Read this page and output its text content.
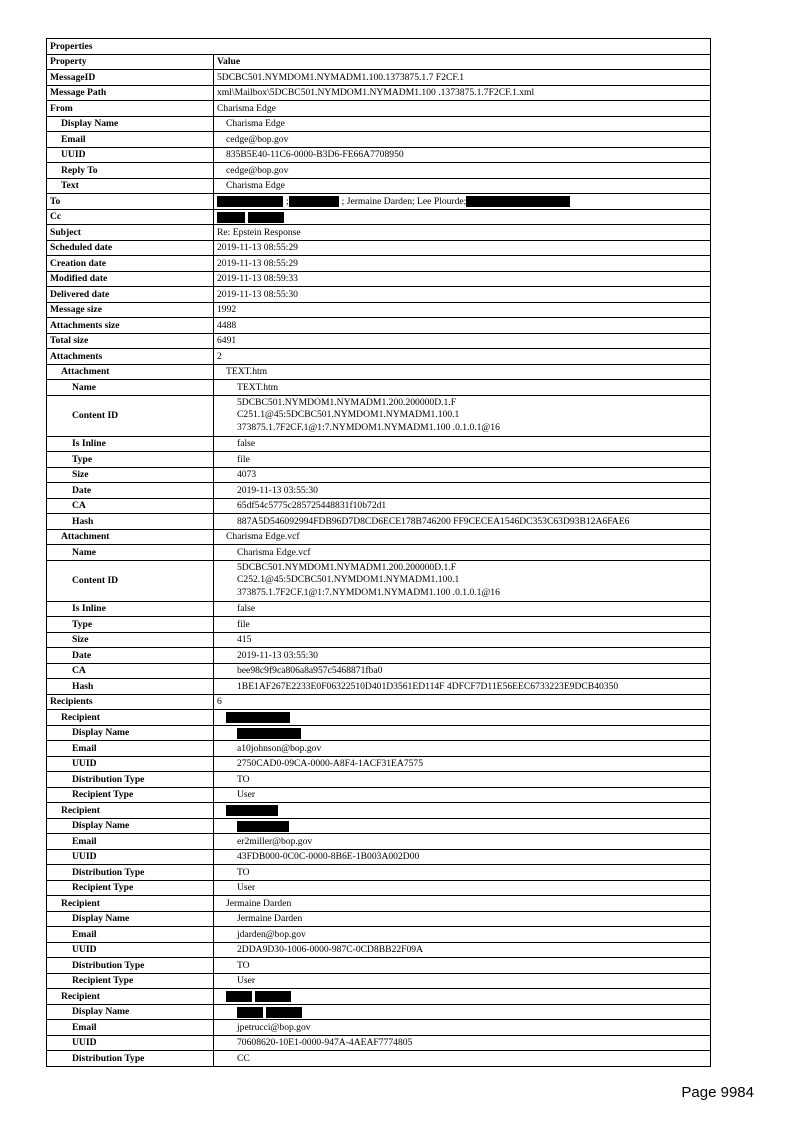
Properties	
Property	Value
MessageID	5DCBC501.NYMDOM1.NYMADM1.100.1373875.1.7 F2CF.1
Message Path	xml\Mailbox\5DCBC501.NYMDOM1.NYMADM1.100 .1373875.1.7F2CF.1.xml
From	Charisma Edge
Display Name	Charisma Edge
Email	cedge@bop.gov
UUID	835B5E40-11C6-0000-B3D6-FE66A7708950
Reply To	cedge@bop.gov
Text	Charisma Edge
To	; ; Jermaine Darden; Lee Plourde;
Cc	
Subject	Re: Epstein Response
Scheduled date	2019-11-13 08:55:29
Creation date	2019-11-13 08:55:29
Modified date	2019-11-13 08:59:33
Delivered date	2019-11-13 08:55:30
Message size	1992
Attachments size	4488
Total size	6491
Attachments	2
Attachment	TEXT.htm
Name	TEXT.htm
Content ID	5DCBC501.NYMDOM1.NYMADM1.200.200000D.1.F
C251.1@45:5DCBC501.NYMDOM1.NYMADM1.100.1
373875.1.7F2CF.1@1:7.NYMDOM1.NYMADM1.100 .0.1.0.1@16

Is Inline	false
Type	file
Size	4073
Date	2019-11-13 03:55:30
CA	65df54c5775c285725448831f10b72d1
Hash	887A5D546092994FDB96D7D8CD6ECE178B746200 FF9CECEA1546DC353C63D93B12A6FAE6
Attachment	Charisma Edge.vcf
Name	Charisma Edge.vcf
Content ID	5DCBC501.NYMDOM1.NYMADM1.200.200000D.1.F
C252.1@45:5DCBC501.NYMDOM1.NYMADM1.100.1
373875.1.7F2CF.1@1:7.NYMDOM1.NYMADM1.100 .0.1.0.1@16

Is Inline	false
Type	file
Size	415
Date	2019-11-13 03:55:30
CA	bee98c9f9ca806a8a957c5468871fba0
Hash	1BE1AF267E2233E0F06322510D401D3561ED114F 4DFCF7D11E56EEC6733223E9DCB40350
Recipients	6
Recipient	
Display Name	
Email	a10johnson@bop.gov
UUID	2750CAD0-09CA-0000-A8F4-1ACF31EA7575
Distribution Type	TO
Recipient Type	User
Recipient	
Display Name	
Email	er2miller@bop.gov
UUID	43FDB000-0C0C-0000-8B6E-1B003A002D00
Distribution Type	TO
Recipient Type	User
Recipient	Jermaine Darden
Display Name	Jermaine Darden
Email	jdarden@bop.gov
UUID	2DDA9D30-1006-0000-987C-0CD8BB22F09A
Distribution Type	TO
Recipient Type	User
Recipient	
Display Name	
Email	jpetrucci@bop.gov
UUID	70608620-10E1-0000-947A-4AEAF7774805
Distribution Type	CC
Page 9984
